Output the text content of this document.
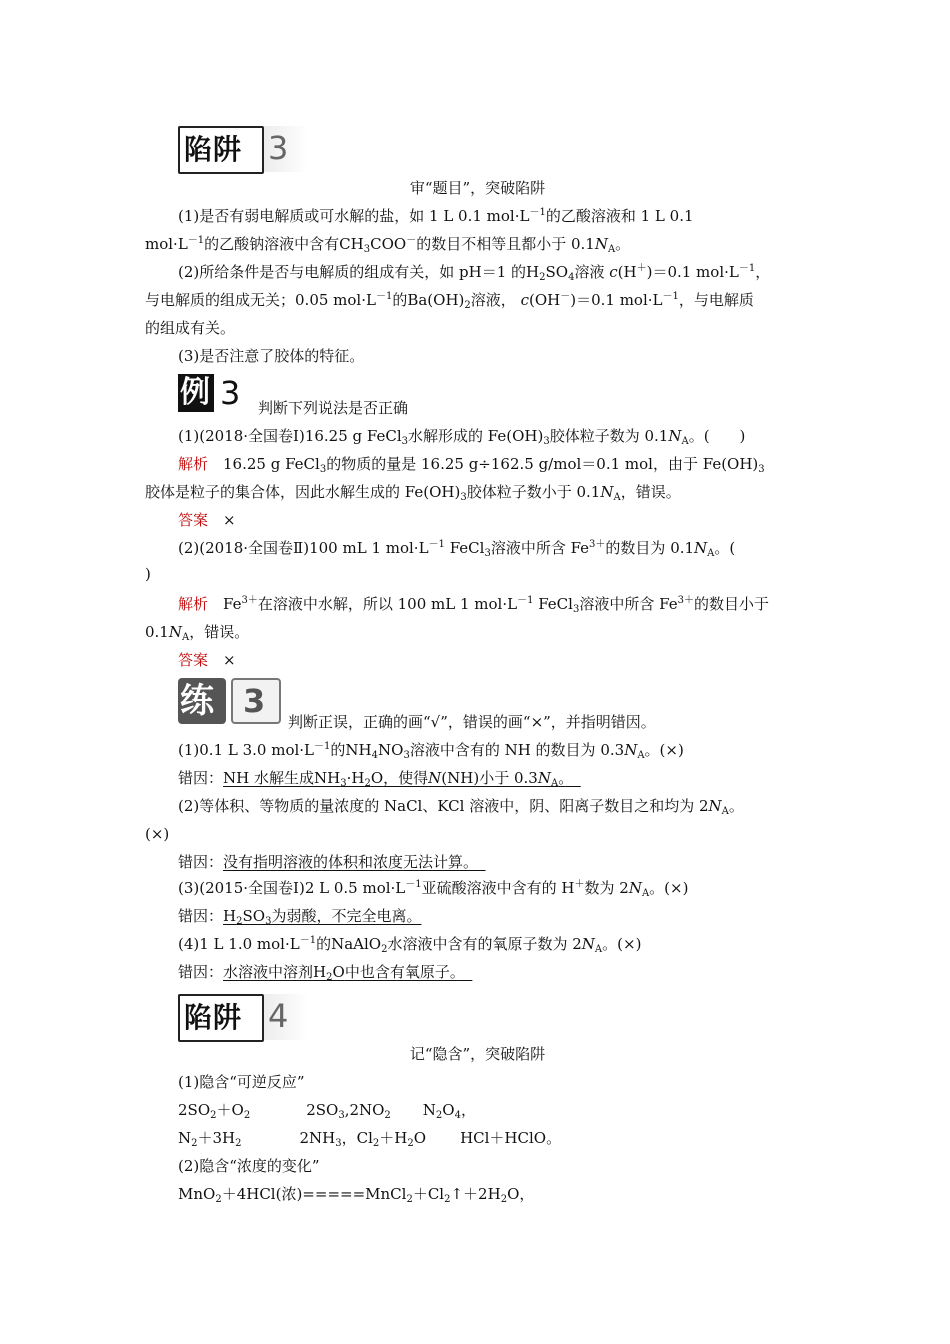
陷阱 3
审“题目”，突破陷阱
(1)是否有弱电解质或可水解的盐，如 1 L 0.1 $mol\cdot L^{-1}$的乙酸溶液和 1 L 0.1
$mol\cdot L^{-1}$的乙酸钠溶液中含有$CH_3COO^-$的数目不相等且都小于 $0.1N_A$。
(2)所给条件是否与电解质的组成有关，如 pH＝1 的$H_2SO_4$溶液 c(H＋)＝0.1 $mol\cdot L^{-1}$，
与电解质的组成无关；0.05 $mol\cdot L^{-1}$的$Ba(OH)_2$溶液， c(OH－)＝0.1 $mol\cdot L^{-1}$，与电解质
的组成有关。
(3)是否注意了胶体的特征。
例 3 判断下列说法是否正确
(1)(2018·全国卷Ⅰ)16.25 g FeCl$_3$水解形成的 $Fe(OH)_3$胶体粒子数为 $0.1N_A$。(　　)
解析　16.25 g FeCl$_3$的物质的量是 16.25 g÷162.5 g/mol＝0.1 mol，由于 $Fe(OH)_3$
胶体是粒子的集合体，因此水解生成的 $Fe(OH)_3$胶体粒子数小于 $0.1N_A$，错误。
答案　×
(2)(2018·全国卷Ⅱ)100 mL 1 $mol\cdot L^{-1}$ FeCl$_3$溶液中所含 $Fe^{3+}$的数目为 $0.1N_A$。(
)
解析　$Fe^{3+}$在溶液中水解，所以 100 mL 1 $mol\cdot L^{-1}$ FeCl$_3$溶液中所含 $Fe^{3+}$的数目小于
$0.1N_A$，错误。
答案　×
练 3
判断正误，正确的画“√”，错误的画“×”，并指明错因。
(1)0.1 L 3.0 $mol\cdot L^{-1}$的$NH_4NO_3$溶液中含有的 NH 的数目为 $0.3N_A$。(×)
错因：NH 水解生成$NH_3\cdot H_2O$，使得N(NH)小于 $0.3N_A$。　
(2)等体积、等物质的量浓度的 NaCl、KCl 溶液中，阴、阳离子数目之和均为 $2N_A$。
(×)
错因：没有指明溶液的体积和浓度无法计算。　
(3)(2015·全国卷Ⅰ)2 L 0.5 $mol\cdot L^{-1}$亚硫酸溶液中含有的 H＋数为 $2N_A$。(×)
错因：$H_2SO_3$为弱酸，不完全电离。
(4)1 L 1.0 $mol\cdot L^{-1}$的NaAlO$_2$水溶液中含有的氧原子数为 $2N_A$。(×)
错因：水溶液中溶剂$H_2O$中也含有氧原子。　
陷阱 4
记“隐含”，突破陷阱
(1)隐含“可逆反应”
$2SO_2+O_2$	$2SO_3,2NO_2$ $N_2O_4$，
$N_2+3H_2$	$2NH_3$，$Cl_2+H_2O$ HCl＋HClO。
(2)隐含“浓度的变化”
MnO$_2$＋4HCl(浓)$=====MnCl_2+Cl_2↑+2H_2O$，
